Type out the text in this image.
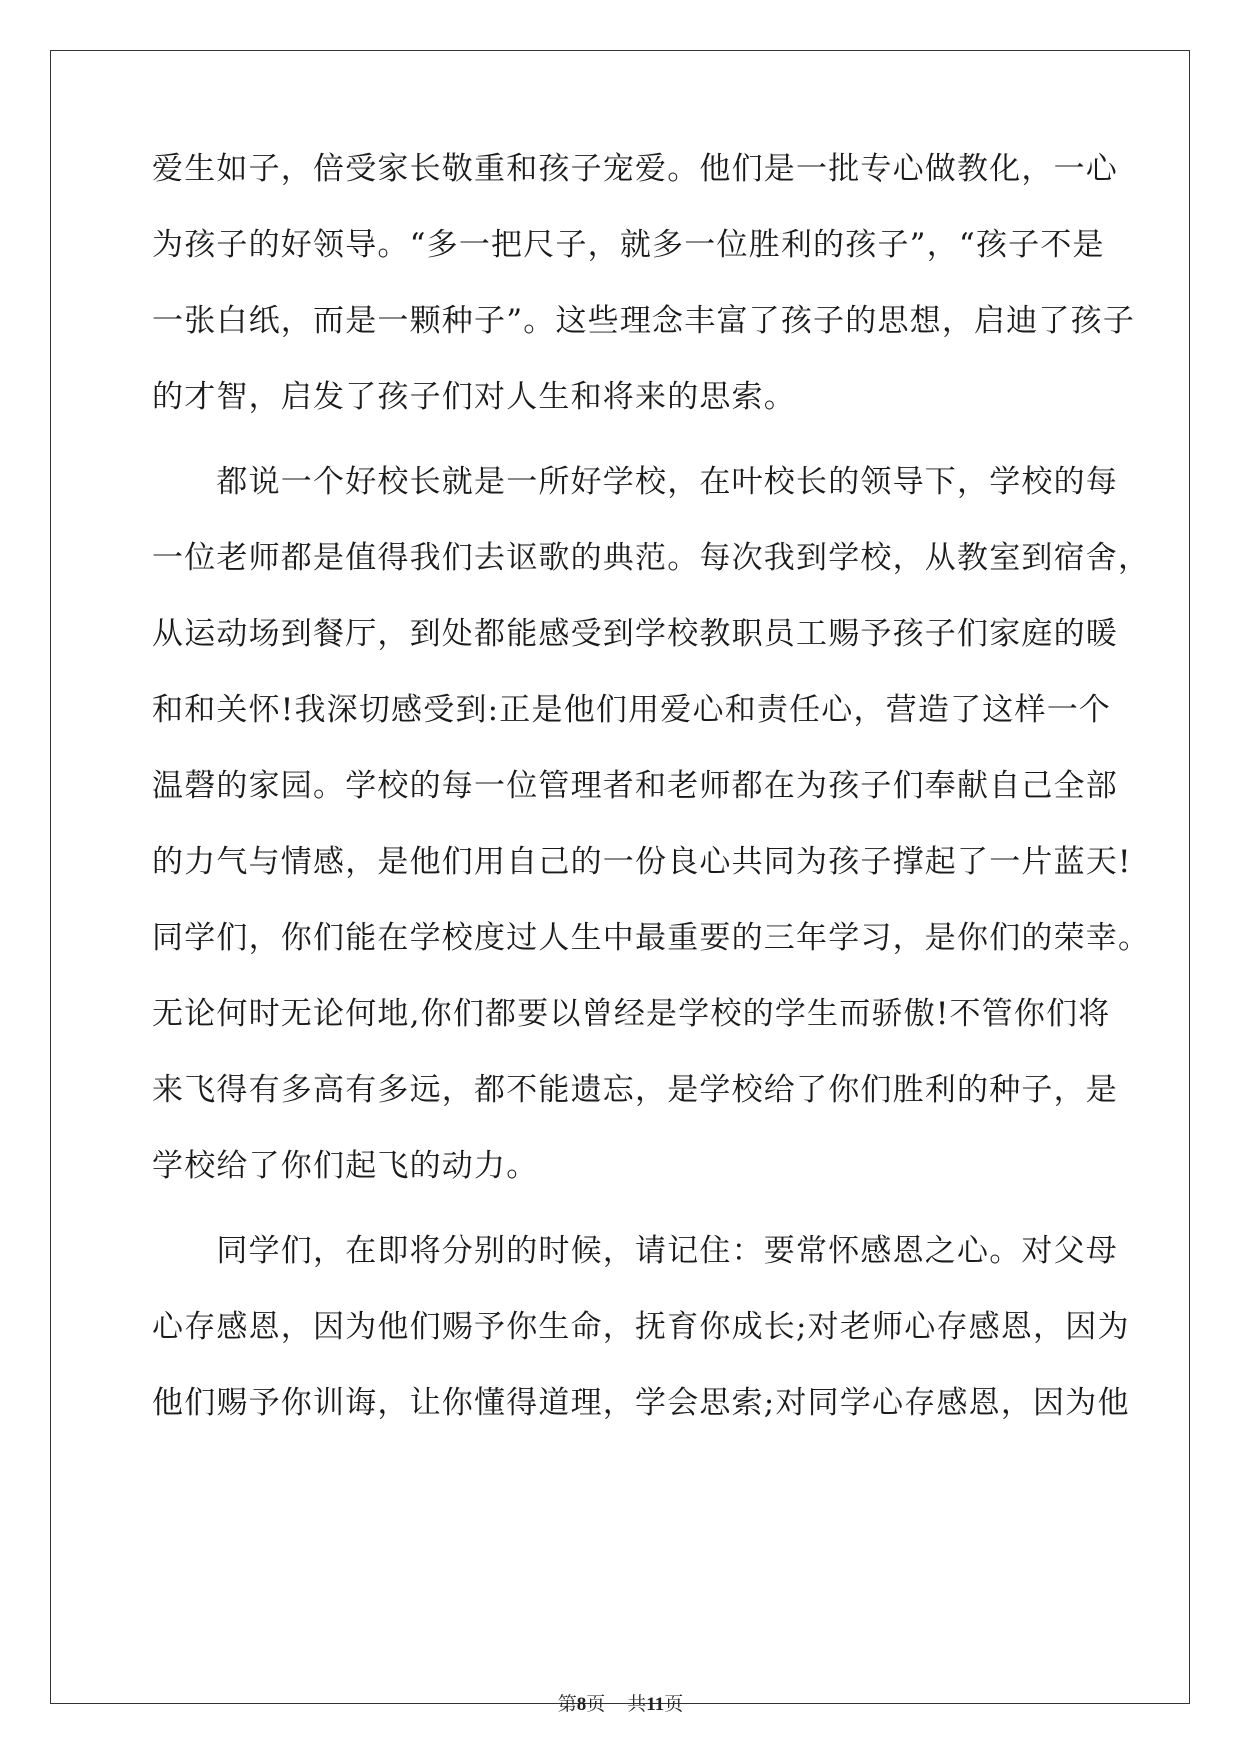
爱生如子，倍受家长敬重和孩子宠爱。他们是一批专心做教化，一心
为孩子的好领导。“多一把尺子，就多一位胜利的孩子”，“孩子不是
一张白纸，而是一颗种子”。这些理念丰富了孩子的思想，启迪了孩子
的才智，启发了孩子们对人生和将来的思索。
　　都说一个好校长就是一所好学校，在叶校长的领导下，学校的每
一位老师都是值得我们去讴歌的典范。每次我到学校，从教室到宿舍，
从运动场到餐厅，到处都能感受到学校教职员工赐予孩子们家庭的暖
和和关怀!我深切感受到:正是他们用爱心和责任心，营造了这样一个
温磬的家园。学校的每一位管理者和老师都在为孩子们奉献自己全部
的力气与情感，是他们用自己的一份良心共同为孩子撑起了一片蓝天!
同学们，你们能在学校度过人生中最重要的三年学习，是你们的荣幸。
无论何时无论何地,你们都要以曾经是学校的学生而骄傲!不管你们将
来飞得有多高有多远，都不能遗忘，是学校给了你们胜利的种子，是
学校给了你们起飞的动力。
　　同学们，在即将分别的时候，请记住：要常怀感恩之心。对父母
心存感恩，因为他们赐予你生命，抚育你成长;对老师心存感恩，因为
他们赐予你训诲，让你懂得道理，学会思索;对同学心存感恩，因为他
第8页 共11页
